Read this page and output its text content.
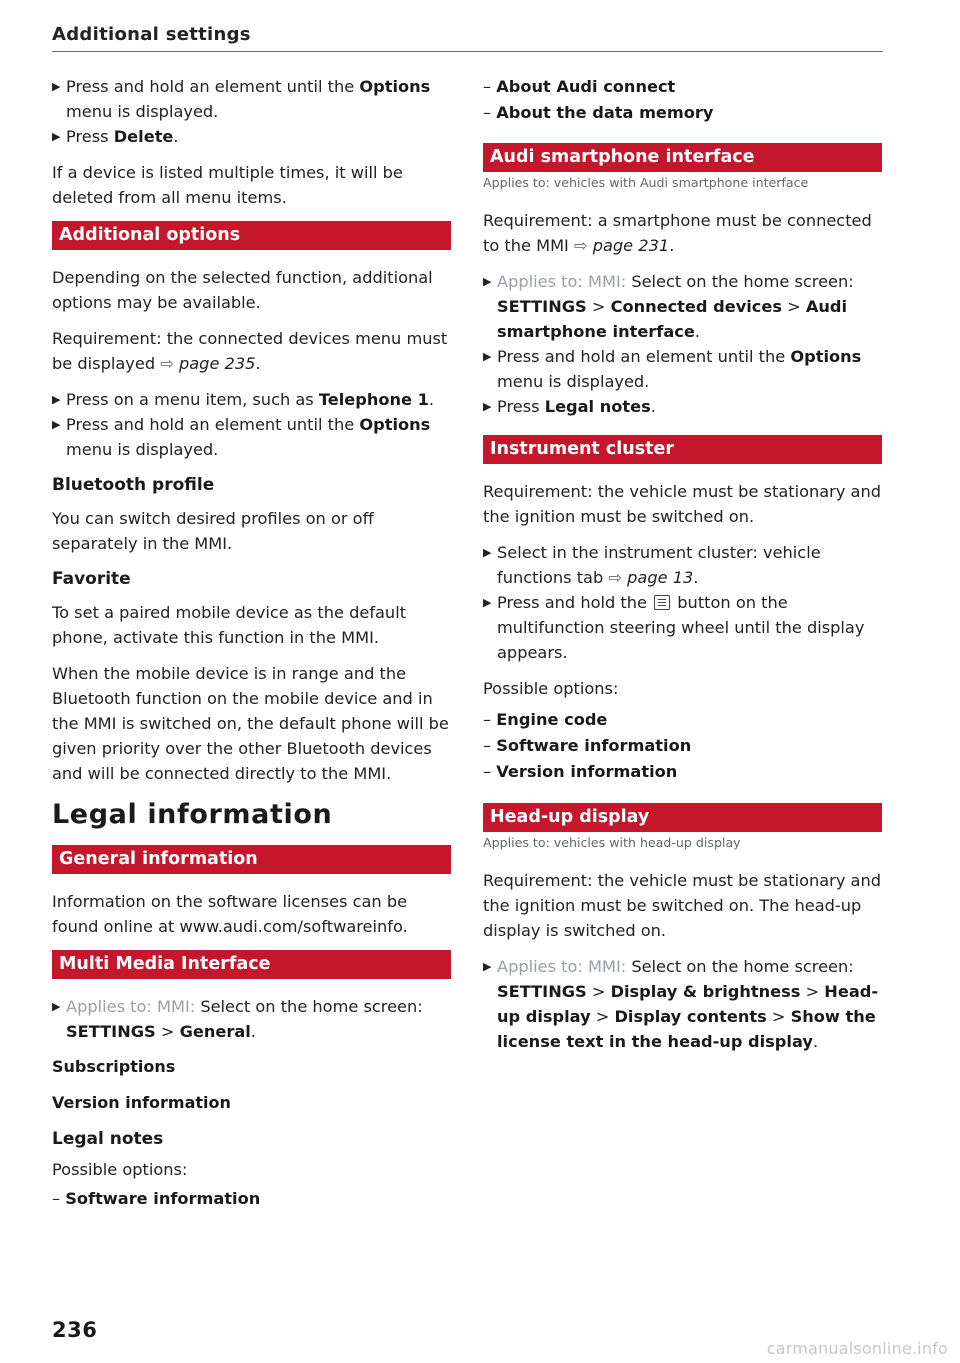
Additional settings
▶ Press and hold an element until the Options menu is displayed.
▶ Press Delete.
If a device is listed multiple times, it will be deleted from all menu items.
Additional options
Depending on the selected function, additional options may be available.
Requirement: the connected devices menu must be displayed ⇨ page 235.
▶ Press on a menu item, such as Telephone 1.
▶ Press and hold an element until the Options menu is displayed.
Bluetooth profile
You can switch desired profiles on or off separately in the MMI.
Favorite
To set a paired mobile device as the default phone, activate this function in the MMI.
When the mobile device is in range and the Bluetooth function on the mobile device and in the MMI is switched on, the default phone will be given priority over the other Bluetooth devices and will be connected directly to the MMI.
Legal information
General information
Information on the software licenses can be found online at www.audi.com/softwareinfo.
Multi Media Interface
▶ Applies to: MMI: Select on the home screen: SETTINGS > General.
Subscriptions
Version information
Legal notes
Possible options:
– Software information
– About Audi connect
– About the data memory
Audi smartphone interface
Applies to: vehicles with Audi smartphone interface
Requirement: a smartphone must be connected to the MMI ⇨ page 231.
▶ Applies to: MMI: Select on the home screen: SETTINGS > Connected devices > Audi smartphone interface.
▶ Press and hold an element until the Options menu is displayed.
▶ Press Legal notes.
Instrument cluster
Requirement: the vehicle must be stationary and the ignition must be switched on.
▶ Select in the instrument cluster: vehicle functions tab ⇨ page 13.
▶ Press and hold the  button on the multifunction steering wheel until the display appears.
Possible options:
– Engine code
– Software information
– Version information
Head-up display
Applies to: vehicles with head-up display
Requirement: the vehicle must be stationary and the ignition must be switched on. The head-up display is switched on.
▶ Applies to: MMI: Select on the home screen: SETTINGS > Display & brightness > Head-up display > Display contents > Show the license text in the head-up display.
236
carmanualsonline.info
